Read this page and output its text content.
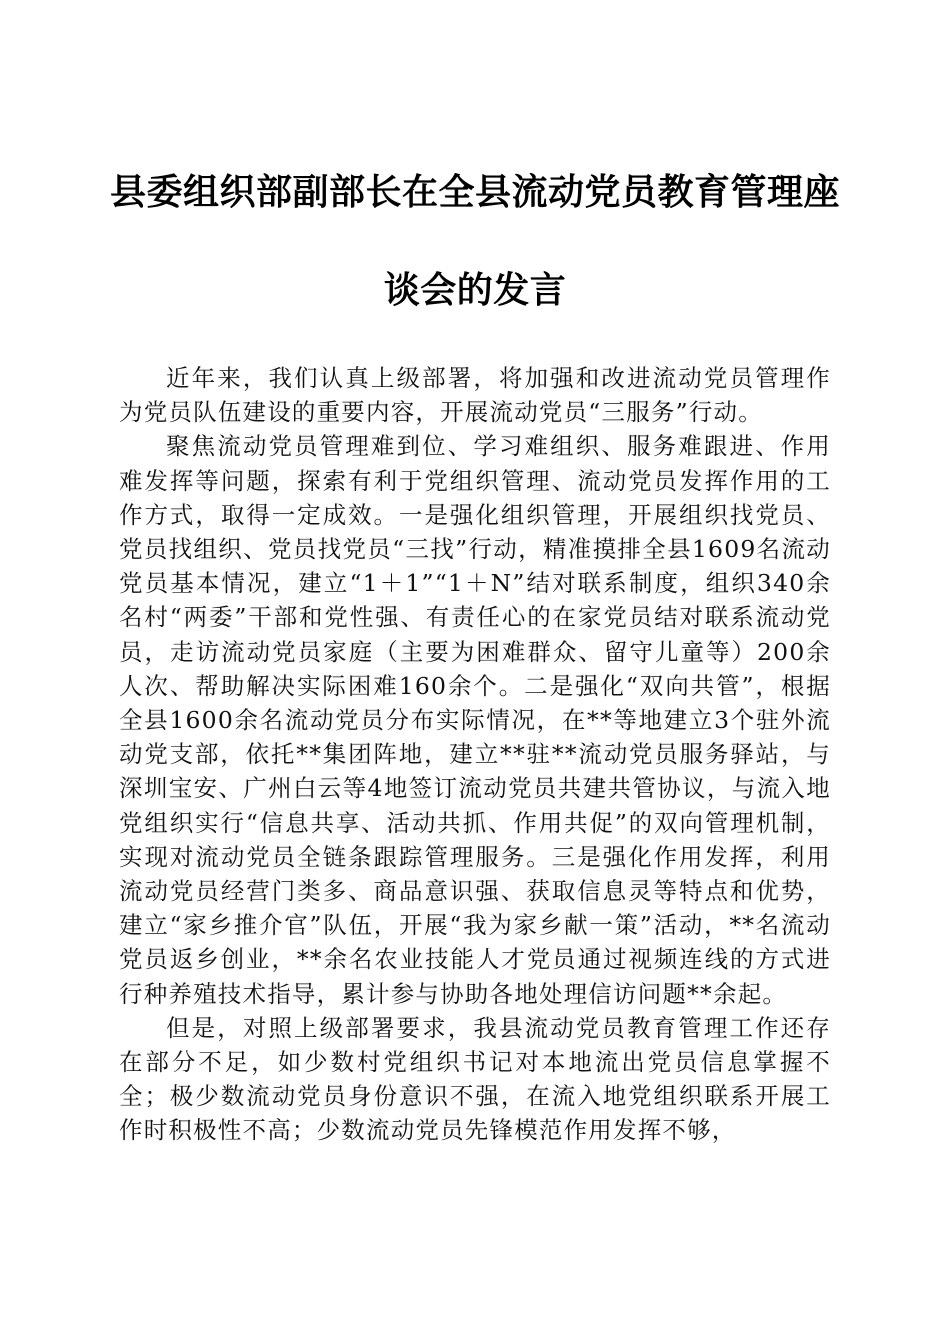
县委组织部副部长在全县流动党员教育管理座
谈会的发言

近年来，我们认真上级部署，将加强和改进流动党员管理作为党员队伍建设的重要内容，开展流动党员“三服务”行动。

聚焦流动党员管理难到位、学习难组织、服务难跟进、作用难发挥等问题，探索有利于党组织管理、流动党员发挥作用的工作方式，取得一定成效。一是强化组织管理，开展组织找党员、党员找组织、党员找党员“三找”行动，精准摸排全县1609名流动党员基本情况，建立“1＋1”“1＋N”结对联系制度，组织340余名村“两委”干部和党性强、有责任心的在家党员结对联系流动党员，走访流动党员家庭（主要为困难群众、留守儿童等）200余人次、帮助解决实际困难160余个。二是强化“双向共管”，根据全县1600余名流动党员分布实际情况，在**等地建立3个驻外流动党支部，依托**集团阵地，建立**驻**流动党员服务驿站，与深圳宝安、广州白云等4地签订流动党员共建共管协议，与流入地党组织实行“信息共享、活动共抓、作用共促”的双向管理机制，实现对流动党员全链条跟踪管理服务。三是强化作用发挥，利用流动党员经营门类多、商品意识强、获取信息灵等特点和优势，建立“家乡推介官”队伍，开展“我为家乡献一策”活动，**名流动党员返乡创业，**余名农业技能人才党员通过视频连线的方式进行种养殖技术指导，累计参与协助各地处理信访问题**余起。

但是，对照上级部署要求，我县流动党员教育管理工作还存在部分不足，如少数村党组织书记对本地流出党员信息掌握不全；极少数流动党员身份意识不强，在流入地党组织联系开展工作时积极性不高；少数流动党员先锋模范作用发挥不够，
